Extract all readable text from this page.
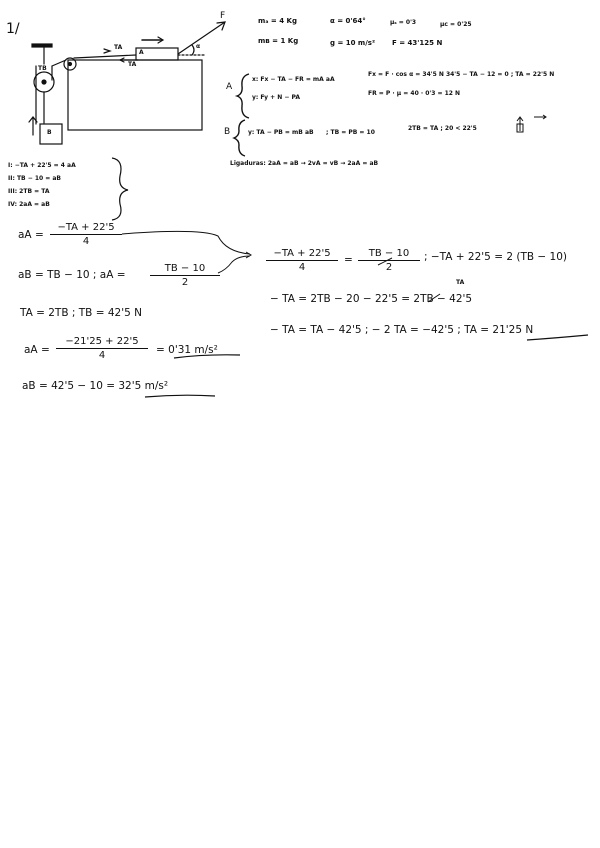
1/
TB
B
A
TA
TA
α
F	mₐ = 4 Kg	α = 0'64°	μₛ = 0'3	μc = 0'25
mʙ = 1 Kg	g = 10 m/s² F = 43'125 N
A
x: Fx − TA − FR = mA aA
Fx = F · cos α = 34'5 N 34'5 − TA − 12 = 0 ; TA = 22'5 N
y: Fy + N − PA
FR = P · μ = 40 · 0'3 = 12 N
B	y: TA − PB = mB aB ; TB = PB = 10
2TB = TA ; 20 < 22'5
Ligaduras: 2aA = aB → 2vA = vB → 2aA = aB
I: −TA + 22'5 = 4 aA
II: TB − 10 = aB
III: 2TB = TA
IV: 2aA = aB
aA =
−TA + 22'5
4
aB = TB − 10 ; aA =
TB − 10
2
TA = 2TB ; TB = 42'5 N
aA =
−21'25 + 22'5
4	= 0'31 m/s²
aB = 42'5 − 10 = 32'5 m/s²
−TA + 22'5
4
=
TB − 10
2
; −TA + 22'5 = 2 (TB − 10)
TA
− TA = 2TB − 20 − 22'5 = 2TB − 42'5
− TA = TA − 42'5 ; − 2 TA = −42'5 ; TA = 21'25 N
